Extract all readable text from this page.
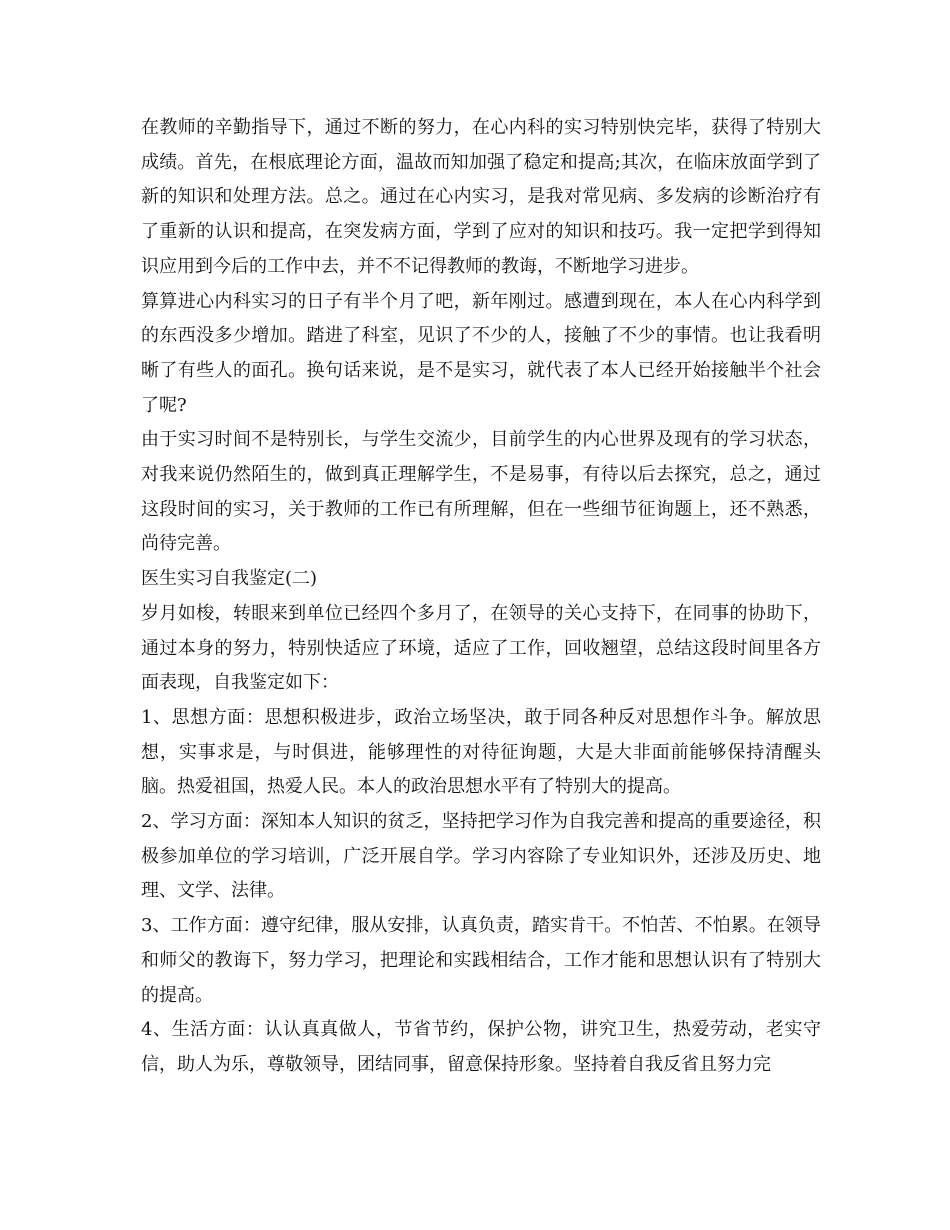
在教师的辛勤指导下，通过不断的努力，在心内科的实习特别快完毕，获得了特别大成绩。首先，在根底理论方面，温故而知加强了稳定和提高;其次，在临床放面学到了新的知识和处理方法。总之。通过在心内实习，是我对常见病、多发病的诊断治疗有了重新的认识和提高，在突发病方面，学到了应对的知识和技巧。我一定把学到得知识应用到今后的工作中去，并不不记得教师的教诲，不断地学习进步。

算算进心内科实习的日子有半个月了吧，新年刚过。感遭到现在，本人在心内科学到的东西没多少增加。踏进了科室，见识了不少的人，接触了不少的事情。也让我看明晰了有些人的面孔。换句话来说，是不是实习，就代表了本人已经开始接触半个社会了呢?

由于实习时间不是特别长，与学生交流少，目前学生的内心世界及现有的学习状态，对我来说仍然陌生的，做到真正理解学生，不是易事，有待以后去探究，总之，通过这段时间的实习，关于教师的工作已有所理解，但在一些细节征询题上，还不熟悉，尚待完善。

医生实习自我鉴定(二)

岁月如梭，转眼来到单位已经四个多月了，在领导的关心支持下，在同事的协助下，通过本身的努力，特别快适应了环境，适应了工作，回收翘望，总结这段时间里各方面表现，自我鉴定如下：

1、思想方面：思想积极进步，政治立场坚决，敢于同各种反对思想作斗争。解放思想，实事求是，与时俱进，能够理性的对待征询题，大是大非面前能够保持清醒头脑。热爱祖国，热爱人民。本人的政治思想水平有了特别大的提高。

2、学习方面：深知本人知识的贫乏，坚持把学习作为自我完善和提高的重要途径，积极参加单位的学习培训，广泛开展自学。学习内容除了专业知识外，还涉及历史、地理、文学、法律。

3、工作方面：遵守纪律，服从安排，认真负责，踏实肯干。不怕苦、不怕累。在领导和师父的教诲下，努力学习，把理论和实践相结合，工作才能和思想认识有了特别大的提高。

4、生活方面：认认真真做人，节省节约，保护公物，讲究卫生，热爱劳动，老实守信，助人为乐，尊敬领导，团结同事，留意保持形象。坚持着自我反省且努力完
